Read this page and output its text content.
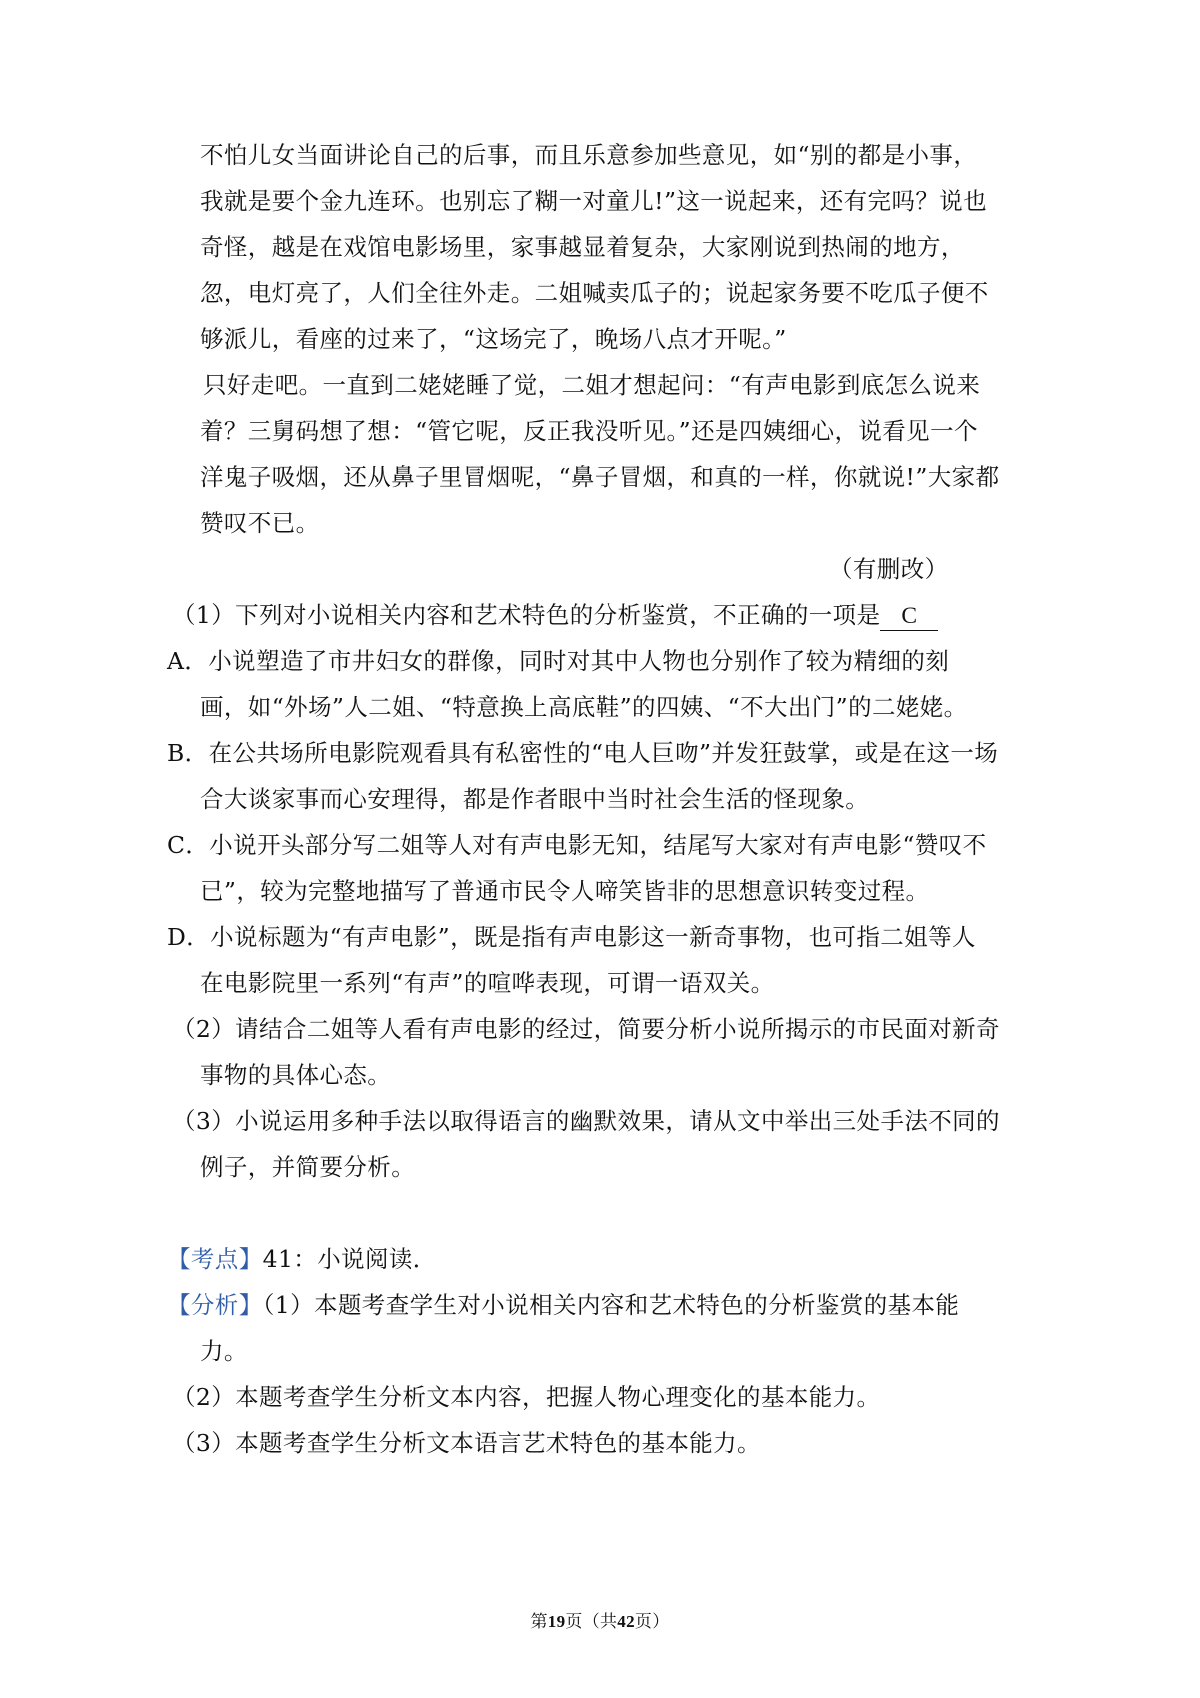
不怕儿女当面讲论自己的后事，而且乐意参加些意见，如“别的都是小事，
我就是要个金九连环。也别忘了糊一对童儿!”这一说起来，还有完吗？说也
奇怪，越是在戏馆电影场里，家事越显着复杂，大家刚说到热闹的地方，
忽，电灯亮了，人们全往外走。二姐喊卖瓜子的；说起家务要不吃瓜子便不
够派儿，看座的过来了，“这场完了，晚场八点才开呢。”
只好走吧。一直到二姥姥睡了觉，二姐才想起问：“有声电影到底怎么说来
着？三舅码想了想：“管它呢，反正我没听见。”还是四姨细心，说看见一个
洋鬼子吸烟，还从鼻子里冒烟呢，“鼻子冒烟，和真的一样，你就说!”大家都
赞叹不已。
（有删改）
（1）下列对小说相关内容和艺术特色的分析鉴赏，不正确的一项是 C
A．小说塑造了市井妇女的群像，同时对其中人物也分别作了较为精细的刻
画，如“外场”人二姐、“特意换上高底鞋”的四姨、“不大出门”的二姥姥。
B．在公共场所电影院观看具有私密性的“电人巨吻”并发狂鼓掌，或是在这一场
合大谈家事而心安理得，都是作者眼中当时社会生活的怪现象。
C．小说开头部分写二姐等人对有声电影无知，结尾写大家对有声电影“赞叹不
已”，较为完整地描写了普通市民令人啼笑皆非的思想意识转变过程。
D．小说标题为“有声电影”，既是指有声电影这一新奇事物，也可指二姐等人
在电影院里一系列“有声”的喧哗表现，可谓一语双关。
（2）请结合二姐等人看有声电影的经过，简要分析小说所揭示的市民面对新奇
事物的具体心态。
（3）小说运用多种手法以取得语言的幽默效果，请从文中举出三处手法不同的
例子，并简要分析。
【考点】41：小说阅读．
【分析】（1）本题考查学生对小说相关内容和艺术特色的分析鉴赏的基本能
力。
（2）本题考查学生分析文本内容，把握人物心理变化的基本能力。
（3）本题考查学生分析文本语言艺术特色的基本能力。
第19页（共42页）
